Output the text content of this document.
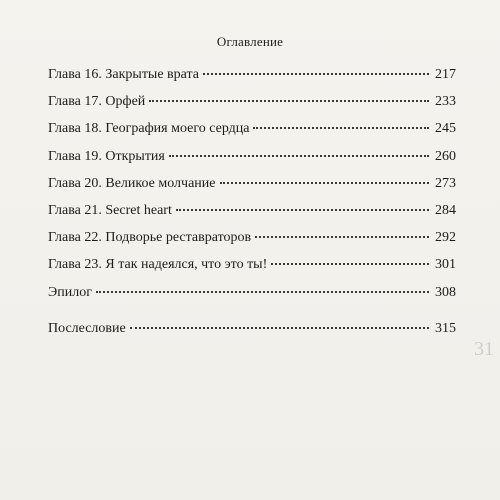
Оглавление
Глава 16. Закрытые врата	217
Глава 17. Орфей	233
Глава 18. География моего сердца	245
Глава 19. Открытия	260
Глава 20. Великое молчание	273
Глава 21. Secret heart	284
Глава 22. Подворье реставраторов	292
Глава 23. Я так надеялся, что это ты!	301
Эпилог	308
Послесловие	315
31
